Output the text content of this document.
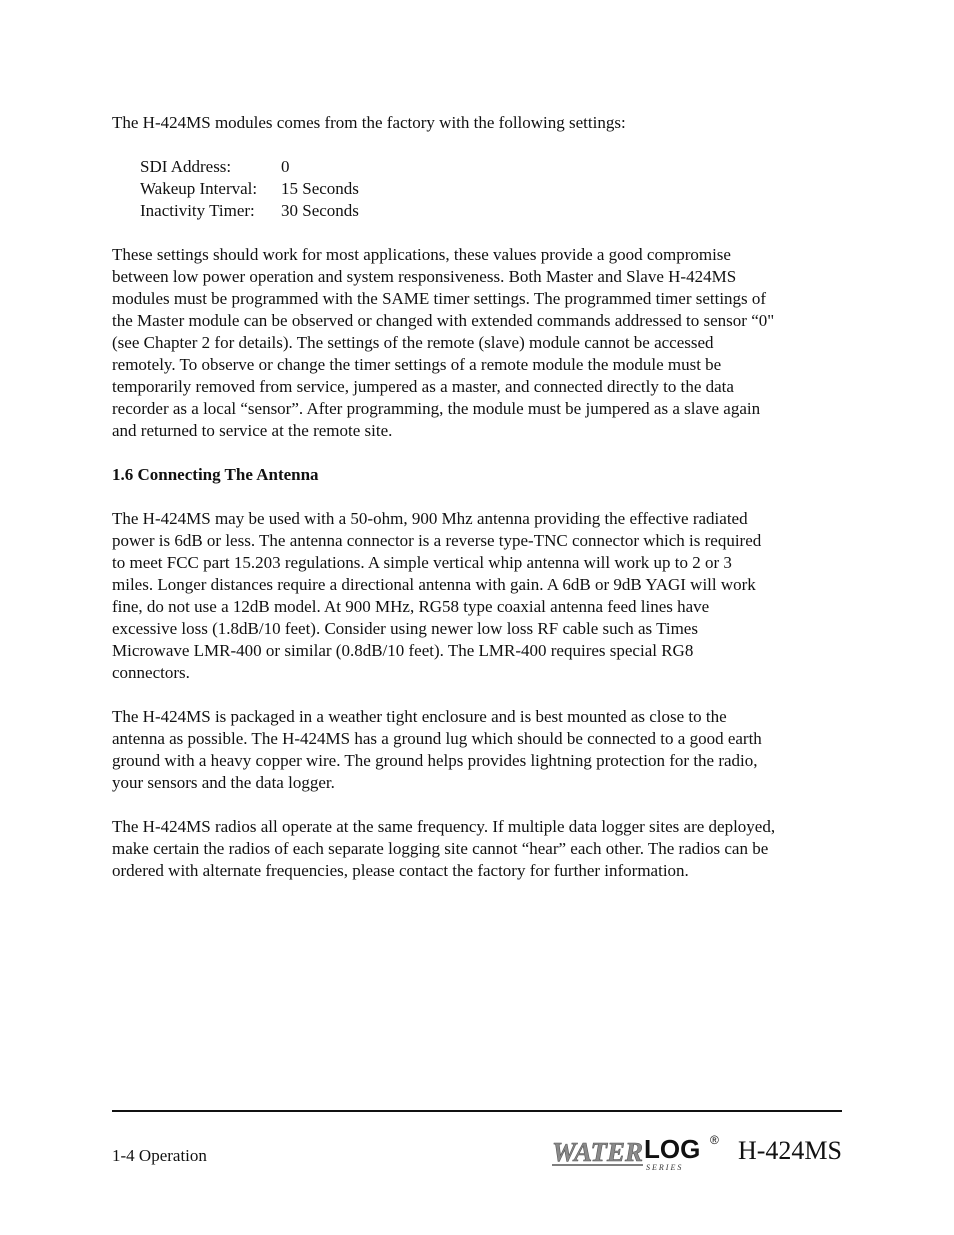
The H-424MS modules comes from the factory with the following settings:

SDI Address:	0
Wakeup Interval:	15 Seconds
Inactivity Timer:	30 Seconds

These settings should work for most applications, these values provide a good compromise
between low power operation and system responsiveness. Both Master and Slave H-424MS
modules must be programmed with the SAME timer settings. The programmed timer settings of
the Master module can be observed or changed with extended commands addressed to sensor “0"
(see Chapter 2 for details). The settings of the remote (slave) module cannot be accessed
remotely. To observe or change the timer settings of a remote module the module must be
temporarily removed from service, jumpered as a master, and connected directly to the data
recorder as a local “sensor”. After programming, the module must be jumpered as a slave again
and returned to service at the remote site.

1.6 Connecting The Antenna

The H-424MS may be used with a 50-ohm, 900 Mhz antenna providing the effective radiated
power is 6dB or less. The antenna connector is a reverse type-TNC connector which is required
to meet FCC part 15.203 regulations. A simple vertical whip antenna will work up to 2 or 3
miles. Longer distances require a directional antenna with gain. A 6dB or 9dB YAGI will work
fine, do not use a 12dB model. At 900 MHz, RG58 type coaxial antenna feed lines have
excessive loss (1.8dB/10 feet). Consider using newer low loss RF cable such as Times
Microwave LMR-400 or similar (0.8dB/10 feet). The LMR-400 requires special RG8
connectors.

The H-424MS is packaged in a weather tight enclosure and is best mounted as close to the
antenna as possible. The H-424MS has a ground lug which should be connected to a good earth
ground with a heavy copper wire. The ground helps provides lightning protection for the radio,
your sensors and the data logger.

The H-424MS radios all operate at the same frequency. If multiple data logger sites are deployed,
make certain the radios of each separate logging site cannot “hear” each other. The radios can be
ordered with alternate frequencies, please contact the factory for further information.

1-4 Operation	WATER LOG
S E R I E S
® H-424MS
